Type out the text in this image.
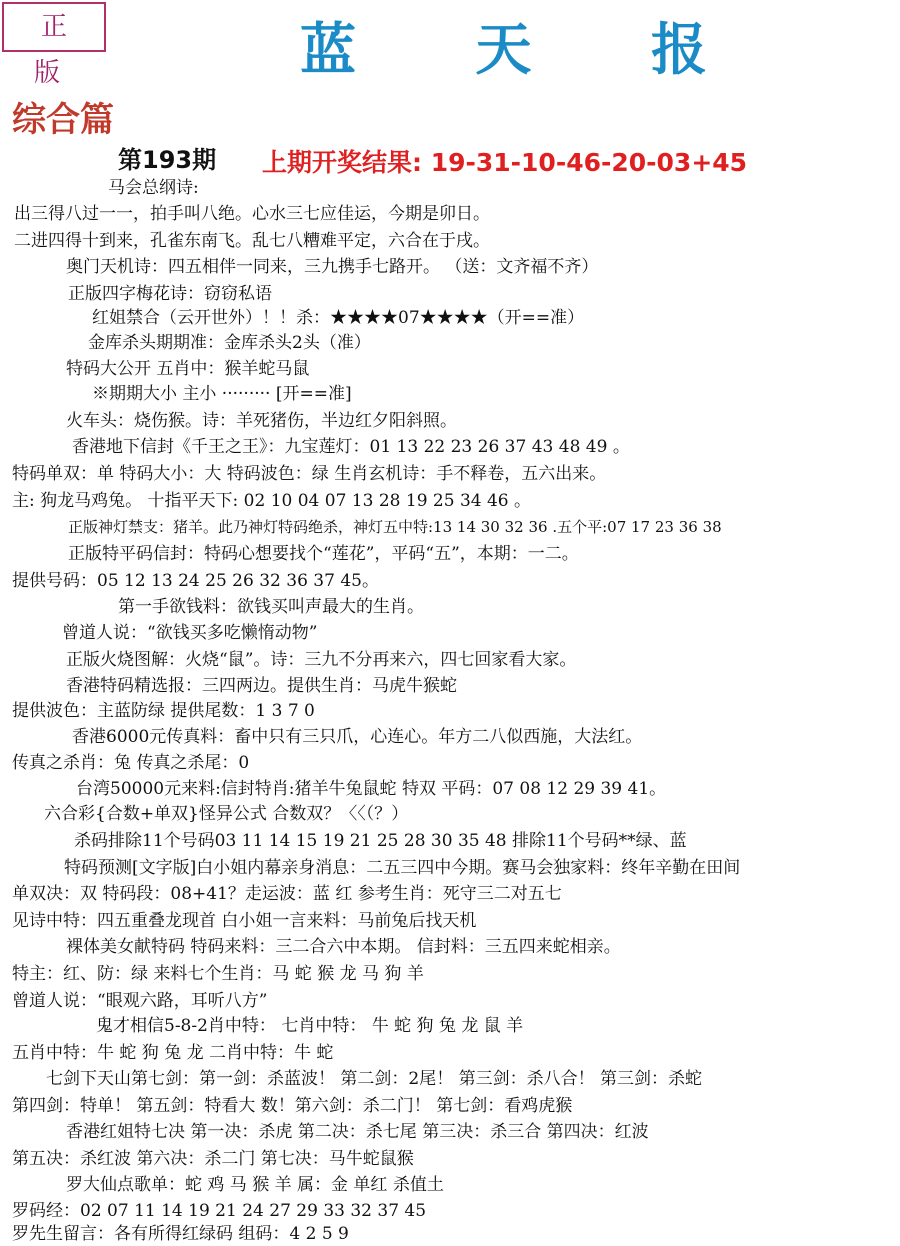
正 版	蓝 天 报
综合篇
第193期 上期开奖结果: 19-31-10-46-20-03+45
马会总纲诗:
出三得八过一一，拍手叫八绝。心水三七应佳运，今期是卯日。
二进四得十到来，孔雀东南飞。乱七八糟难平定，六合在于戌。
奥门天机诗：四五相伴一同来，三九携手七路开。 （送：文齐福不齐）
正版四字梅花诗：窃窃私语
红姐禁合（云开世外）！！杀：★★★★07★★★★（开==准）
金库杀头期期准：金库杀头2头（准）
特码大公开 五肖中：猴羊蛇马鼠
※期期大小 主小 ········· [开==准]
火车头：烧伤猴。诗：羊死猪伤，半边红夕阳斜照。
香港地下信封《千王之王》：九宝莲灯：01 13 22 23 26 37 43 48 49 。
特码单双：单 特码大小：大 特码波色：绿 生肖玄机诗：手不释卷，五六出来。
主: 狗龙马鸡兔。 十指平天下: 02 10 04 07 13 28 19 25 34 46 。
正版神灯禁支：猪羊。此乃神灯特码绝杀，神灯五中特:13 14 30 32 36 .五个平:07 17 23 36 38
正版特平码信封：特码心想要找个“莲花”，平码“五”，本期：一二。
提供号码：05 12 13 24 25 26 32 36 37 45。
第一手欲钱料：欲钱买叫声最大的生肖。
曾道人说：“欲钱买多吃懒惰动物”
正版火烧图解：火烧“鼠”。诗：三九不分再来六，四七回家看大家。
香港特码精选报：三四两边。提供生肖：马虎牛猴蛇
提供波色：主蓝防绿 提供尾数：1 3 7 0
香港6000元传真料：畜中只有三只爪，心连心。年方二八似西施，大法红。
传真之杀肖：兔 传真之杀尾：0
台湾50000元来料:信封特肖:猪羊牛兔鼠蛇 特双 平码：07 08 12 29 39 41。
六合彩{合数+单双}怪异公式 合数双？〈〈（？）
杀码排除11个号码03 11 14 15 19 21 25 28 30 35 48 排除11个号码**绿、蓝
特码预测[文字版]白小姐内幕亲身消息：二五三四中今期。赛马会独家料：终年辛勤在田间
单双决：双 特码段：08+41？走运波：蓝 红 参考生肖：死守三二对五七
见诗中特：四五重叠龙现首 白小姐一言来料：马前兔后找天机
裸体美女献特码 特码来料：三二合六中本期。 信封料：三五四来蛇相亲。
特主：红、防：绿 来料七个生肖：马 蛇 猴 龙 马 狗 羊
曾道人说：“眼观六路，耳听八方”
鬼才相信5-8-2肖中特： 七肖中特： 牛 蛇 狗 兔 龙 鼠 羊
五肖中特：牛 蛇 狗 兔 龙 二肖中特：牛 蛇
七剑下天山第七剑：第一剑：杀蓝波！ 第二剑：2尾！ 第三剑：杀八合！ 第三剑：杀蛇
第四剑：特单！ 第五剑：特看大 数！第六剑：杀二门！ 第七剑：看鸡虎猴
香港红姐特七决 第一决：杀虎 第二决：杀七尾 第三决：杀三合 第四决：红波
第五决：杀红波 第六决：杀二门 第七决：马牛蛇鼠猴
罗大仙点歌单：蛇 鸡 马 猴 羊 属：金 单红 杀值土
罗码经：02 07 11 14 19 21 24 27 29 33 32 37 45
罗先生留言：各有所得红绿码 组码：4 2 5 9
